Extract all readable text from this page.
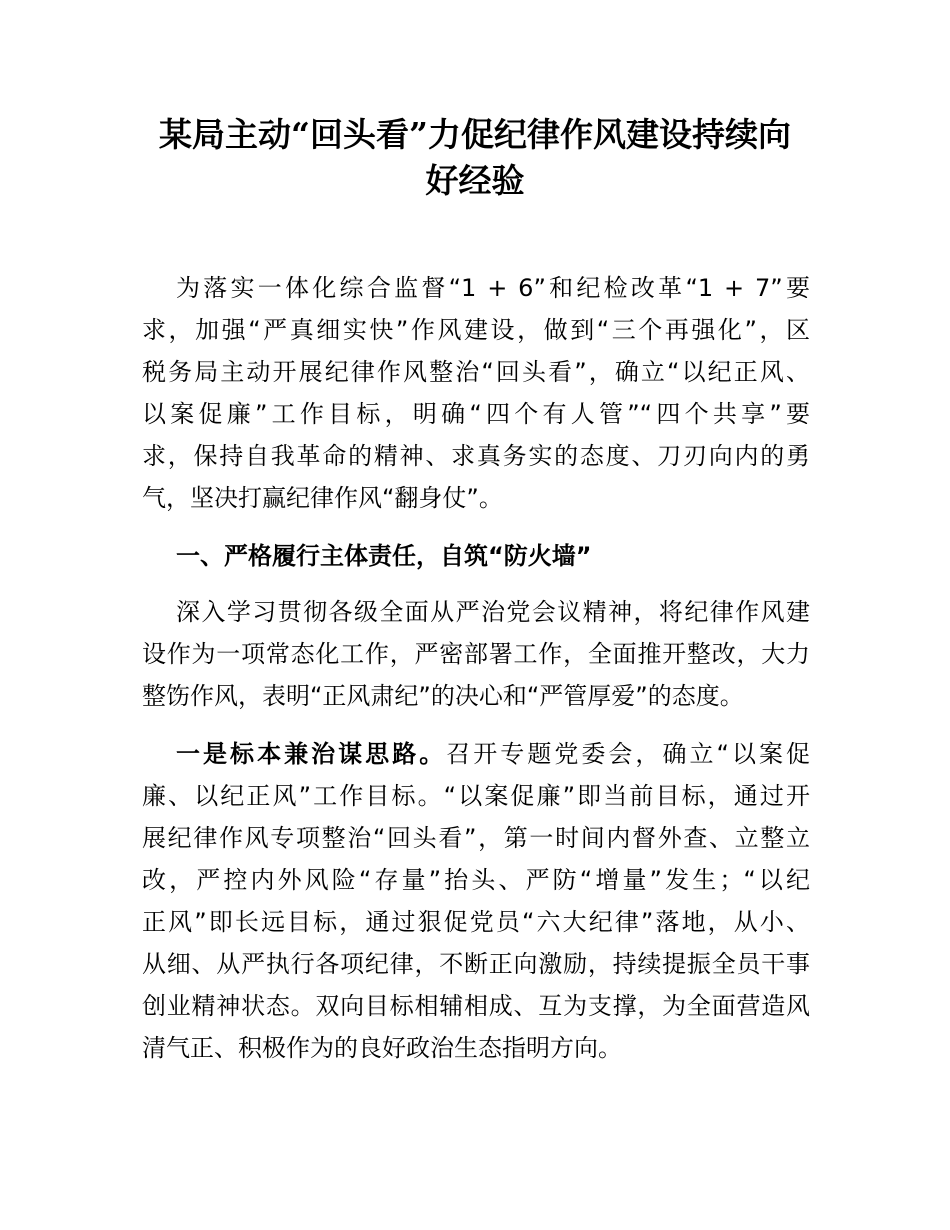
某局主动“回头看”力促纪律作风建设持续向
好经验
为落实一体化综合监督“1 + 6”和纪检改革“1 + 7”要
求，加强“严真细实快”作风建设，做到“三个再强化”，区
税务局主动开展纪律作风整治“回头看”，确立“以纪正风、
以案促廉”工作目标，明确“四个有人管”“四个共享”要
求，保持自我革命的精神、求真务实的态度、刀刃向内的勇
气，坚决打赢纪律作风“翻身仗”。
一、严格履行主体责任，自筑“防火墙”
深入学习贯彻各级全面从严治党会议精神，将纪律作风建
设作为一项常态化工作，严密部署工作，全面推开整改，大力
整饬作风，表明“正风肃纪”的决心和“严管厚爱”的态度。
一是标本兼治谋思路。召开专题党委会，确立“以案促
廉、以纪正风”工作目标。“以案促廉”即当前目标，通过开
展纪律作风专项整治“回头看”，第一时间内督外查、立整立
改，严控内外风险“存量”抬头、严防“增量”发生；“以纪
正风”即长远目标，通过狠促党员“六大纪律”落地，从小、
从细、从严执行各项纪律，不断正向激励，持续提振全员干事
创业精神状态。双向目标相辅相成、互为支撑，为全面营造风
清气正、积极作为的良好政治生态指明方向。
